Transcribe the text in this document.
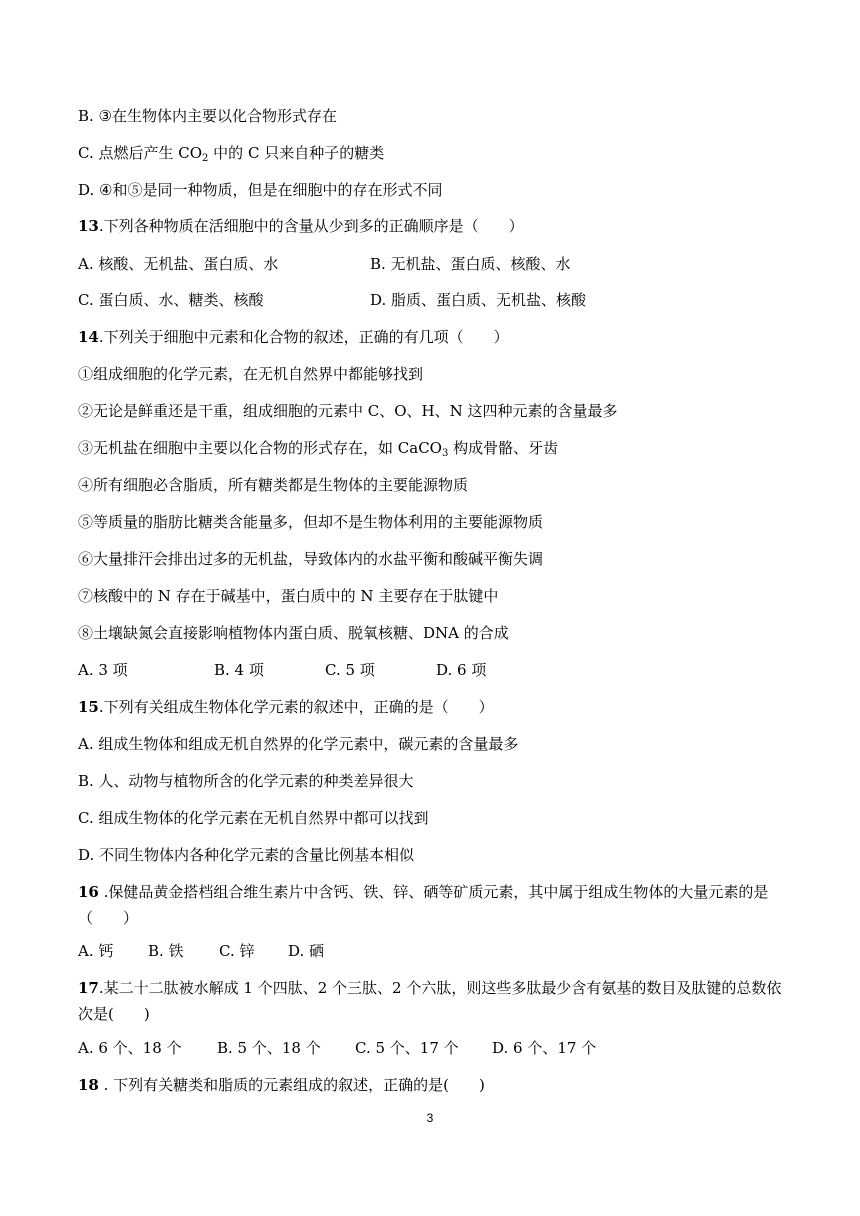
B. ③在生物体内主要以化合物形式存在
C. 点燃后产生 $CO_2$ 中的 C 只来自种子的糖类
D. ④和⑤是同一种物质，但是在细胞中的存在形式不同
13.下列各种物质在活细胞中的含量从少到多的正确顺序是（　　）
A. 核酸、无机盐、蛋白质、水	B. 无机盐、蛋白质、核酸、水
C. 蛋白质、水、糖类、核酸	D. 脂质、蛋白质、无机盐、核酸
14.下列关于细胞中元素和化合物的叙述，正确的有几项（　　）
①组成细胞的化学元素，在无机自然界中都能够找到
②无论是鲜重还是干重，组成细胞的元素中 C、O、H、N 这四种元素的含量最多
③无机盐在细胞中主要以化合物的形式存在，如 CaCO$_3$ 构成骨骼、牙齿
④所有细胞必含脂质，所有糖类都是生物体的主要能源物质
⑤等质量的脂肪比糖类含能量多，但却不是生物体利用的主要能源物质
⑥大量排汗会排出过多的无机盐，导致体内的水盐平衡和酸碱平衡失调
⑦核酸中的 N 存在于碱基中，蛋白质中的 N 主要存在于肽键中
⑧土壤缺氮会直接影响植物体内蛋白质、脱氧核糖、DNA 的合成
A. 3 项	B. 4 项	C. 5 项	D. 6 项
15.下列有关组成生物体化学元素的叙述中，正确的是（　　）
A. 组成生物体和组成无机自然界的化学元素中，碳元素的含量最多
B. 人、动物与植物所含的化学元素的种类差异很大
C. 组成生物体的化学元素在无机自然界中都可以找到
D. 不同生物体内各种化学元素的含量比例基本相似
16 .保健品黄金搭档组合维生素片中含钙、铁、锌、硒等矿质元素，其中属于组成生物体的大量元素的是（　　）
A. 钙 B. 铁 C. 锌 D. 硒
17.某二十二肽被水解成 1 个四肽、2 个三肽、2 个六肽，则这些多肽最少含有氨基的数目及肽键的总数依次是(　　)
A. 6 个、18 个 B. 5 个、18 个 C. 5 个、17 个 D. 6 个、17 个
18 . 下列有关糖类和脂质的元素组成的叙述，正确的是(　　)
3
